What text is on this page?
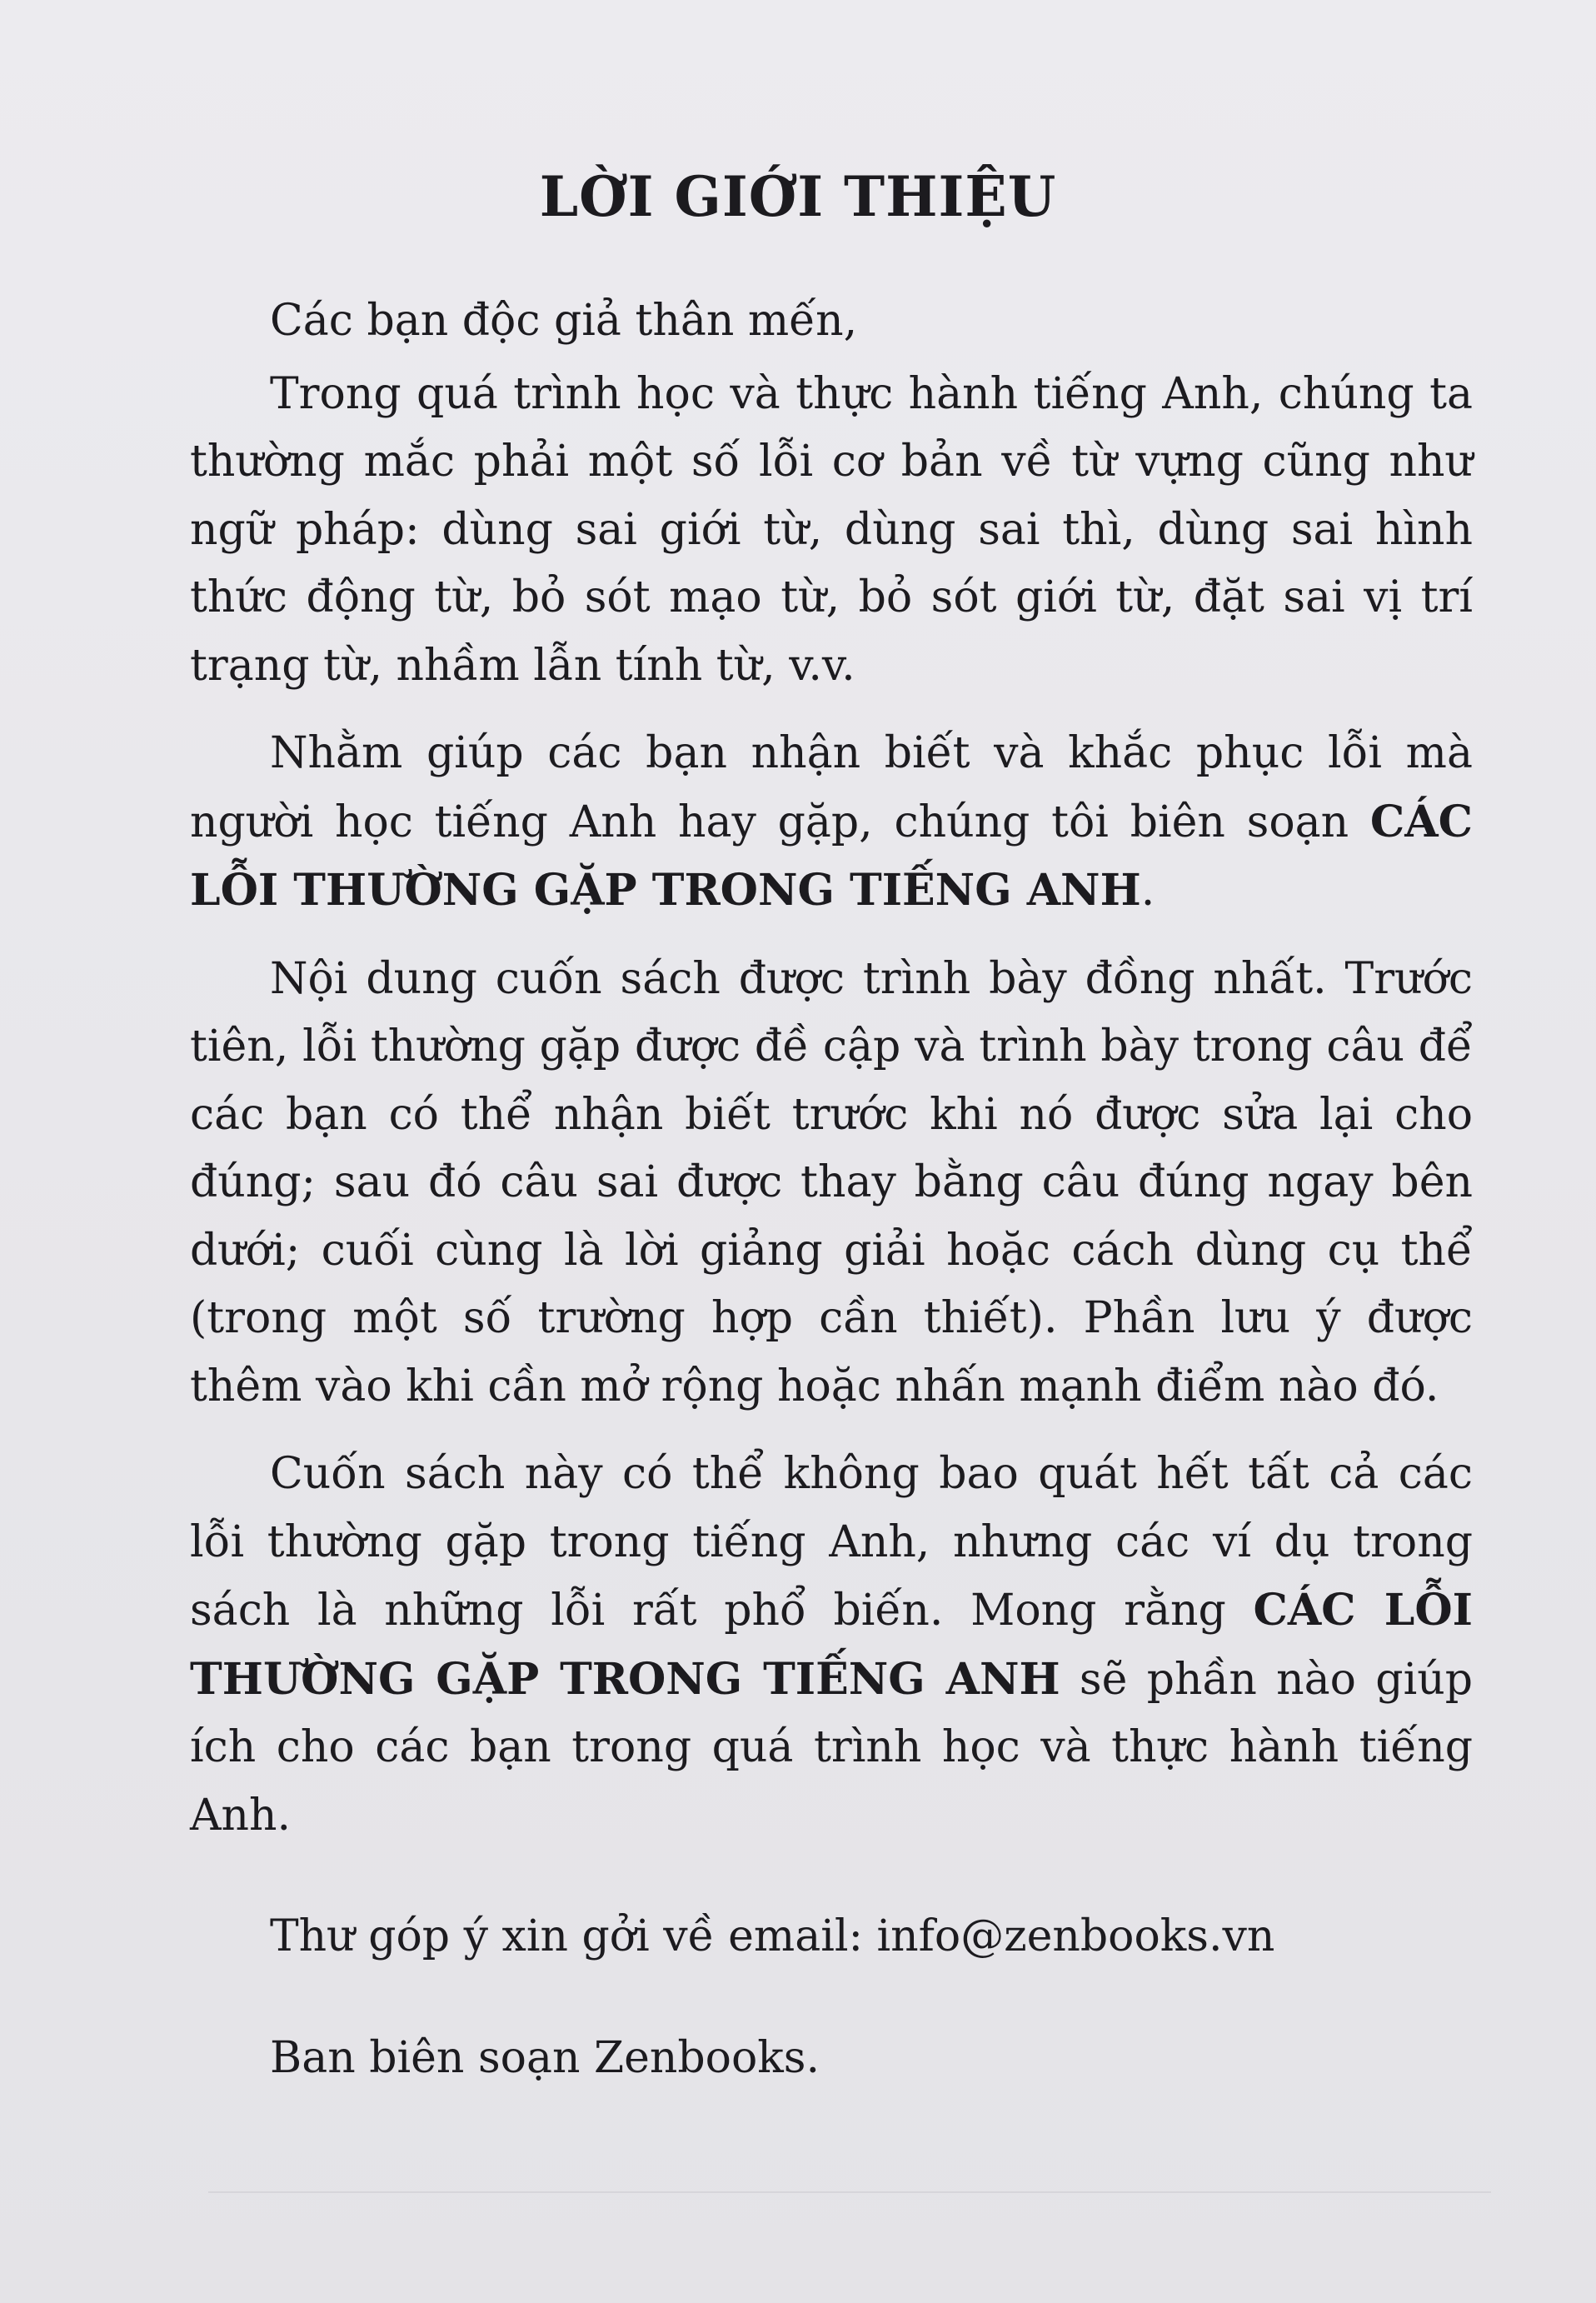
LỜI GIỚI THIỆU

Các bạn độc giả thân mến,

Trong quá trình học và thực hành tiếng Anh, chúng ta thường mắc phải một số lỗi cơ bản về từ vựng cũng như ngữ pháp: dùng sai giới từ, dùng sai thì, dùng sai hình thức động từ, bỏ sót mạo từ, bỏ sót giới từ, đặt sai vị trí trạng từ, nhầm lẫn tính từ, v.v.

Nhằm giúp các bạn nhận biết và khắc phục lỗi mà người học tiếng Anh hay gặp, chúng tôi biên soạn CÁC LỖI THƯỜNG GẶP TRONG TIẾNG ANH.

Nội dung cuốn sách được trình bày đồng nhất. Trước tiên, lỗi thường gặp được đề cập và trình bày trong câu để các bạn có thể nhận biết trước khi nó được sửa lại cho đúng; sau đó câu sai được thay bằng câu đúng ngay bên dưới; cuối cùng là lời giảng giải hoặc cách dùng cụ thể (trong một số trường hợp cần thiết). Phần lưu ý được thêm vào khi cần mở rộng hoặc nhấn mạnh điểm nào đó.

Cuốn sách này có thể không bao quát hết tất cả các lỗi thường gặp trong tiếng Anh, nhưng các ví dụ trong sách là những lỗi rất phổ biến. Mong rằng CÁC LỖI THƯỜNG GẶP TRONG TIẾNG ANH sẽ phần nào giúp ích cho các bạn trong quá trình học và thực hành tiếng Anh.

Thư góp ý xin gởi về email: info@zenbooks.vn

Ban biên soạn Zenbooks.
